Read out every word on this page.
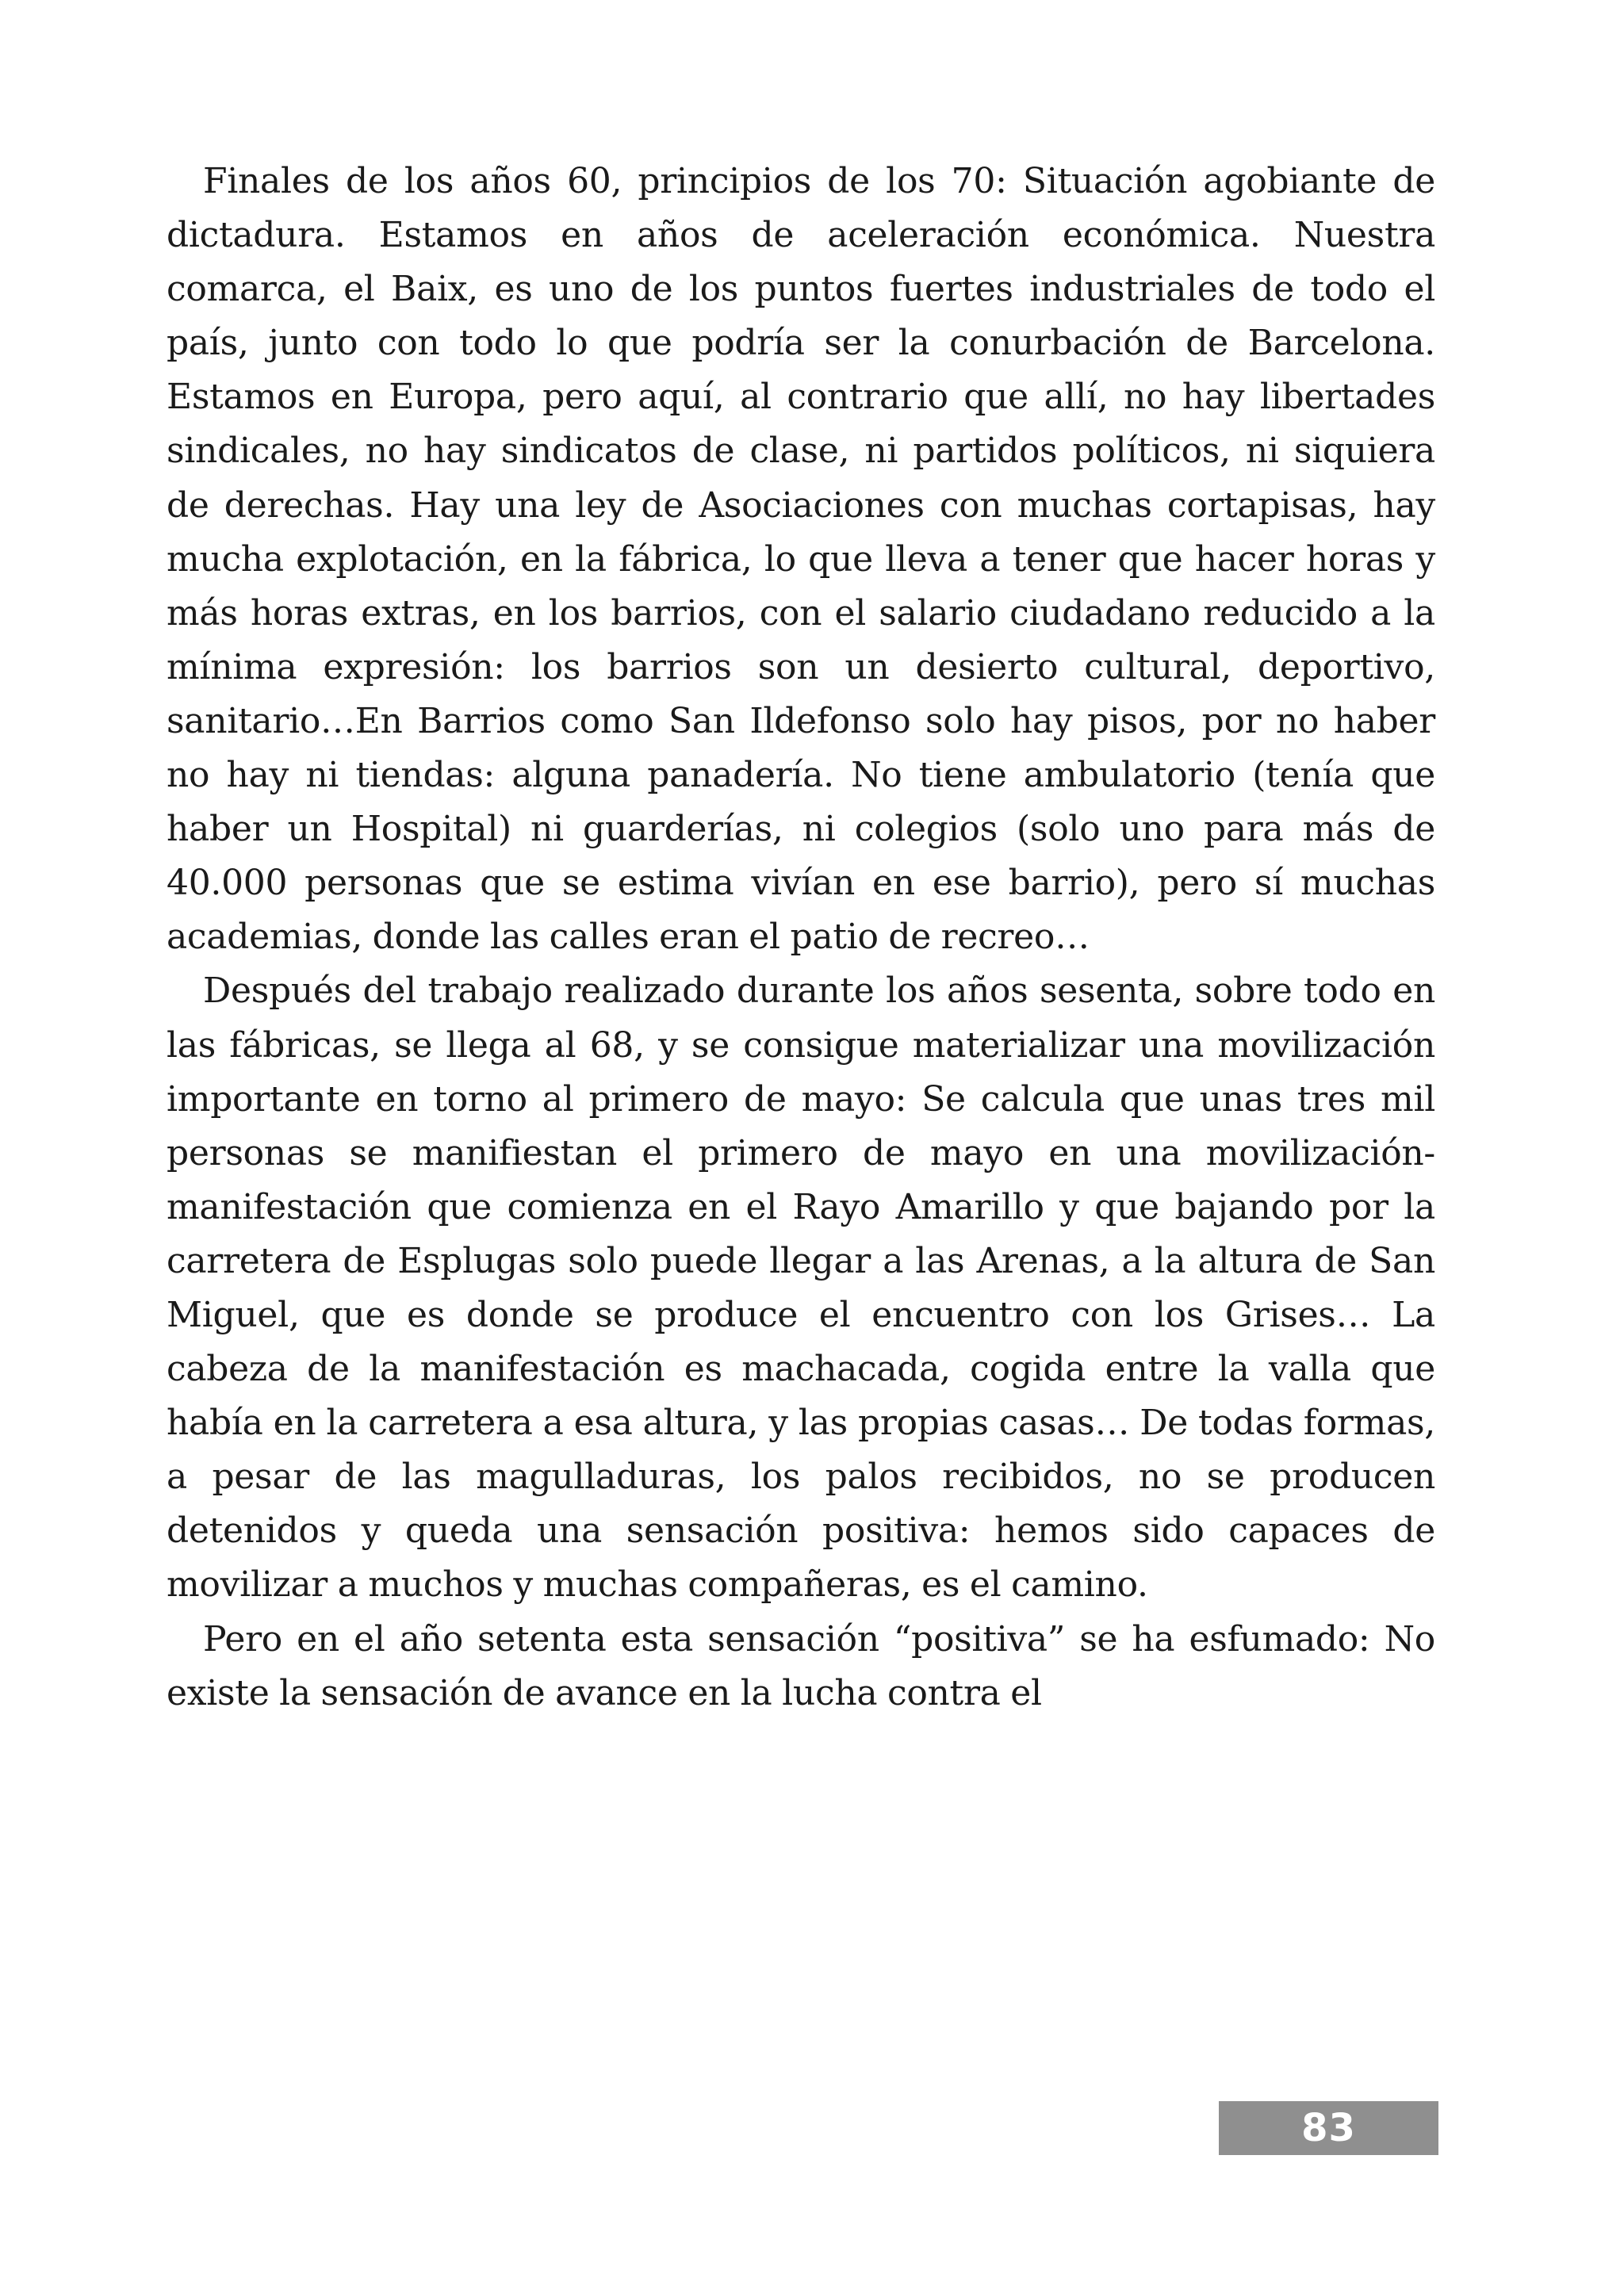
Finales de los años 60, principios de los 70: Situación agobiante de dictadura. Estamos en años de aceleración económica. Nuestra comarca, el Baix, es uno de los puntos fuertes industriales de todo el país, junto con todo lo que podría ser la conurbación de Barcelona. Estamos en Europa, pero aquí, al contrario que allí, no hay libertades sindicales, no hay sindicatos de clase, ni partidos políticos, ni siquiera de derechas. Hay una ley de Asociaciones con muchas cortapisas, hay mucha explotación, en la fábrica, lo que lleva a tener que hacer horas y más horas extras, en los barrios, con el salario ciudadano reducido a la mínima expresión: los barrios son un desierto cultural, deportivo, sanitario…En Barrios como San Ildefonso solo hay pisos, por no haber no hay ni tiendas: alguna panadería. No tiene ambulatorio (tenía que haber un Hospital) ni guarderías, ni colegios (solo uno para más de 40.000 personas que se estima vivían en ese barrio), pero sí muchas academias, donde las calles eran el patio de recreo…

Después del trabajo realizado durante los años sesenta, sobre todo en las fábricas, se llega al 68, y se consigue materializar una movilización importante en torno al primero de mayo: Se calcula que unas tres mil personas se manifiestan el primero de mayo en una movilización-manifestación que comienza en el Rayo Amarillo y que bajando por la carretera de Esplugas solo puede llegar a las Arenas, a la altura de San Miguel, que es donde se produce el encuentro con los Grises… La cabeza de la manifestación es machacada, cogida entre la valla que había en la carretera a esa altura, y las propias casas… De todas formas, a pesar de las magulladuras, los palos recibidos, no se producen detenidos y queda una sensación positiva: hemos sido capaces de movilizar a muchos y muchas compañeras, es el camino.

Pero en el año setenta esta sensación “positiva” se ha esfumado: No existe la sensación de avance en la lucha contra el

83
